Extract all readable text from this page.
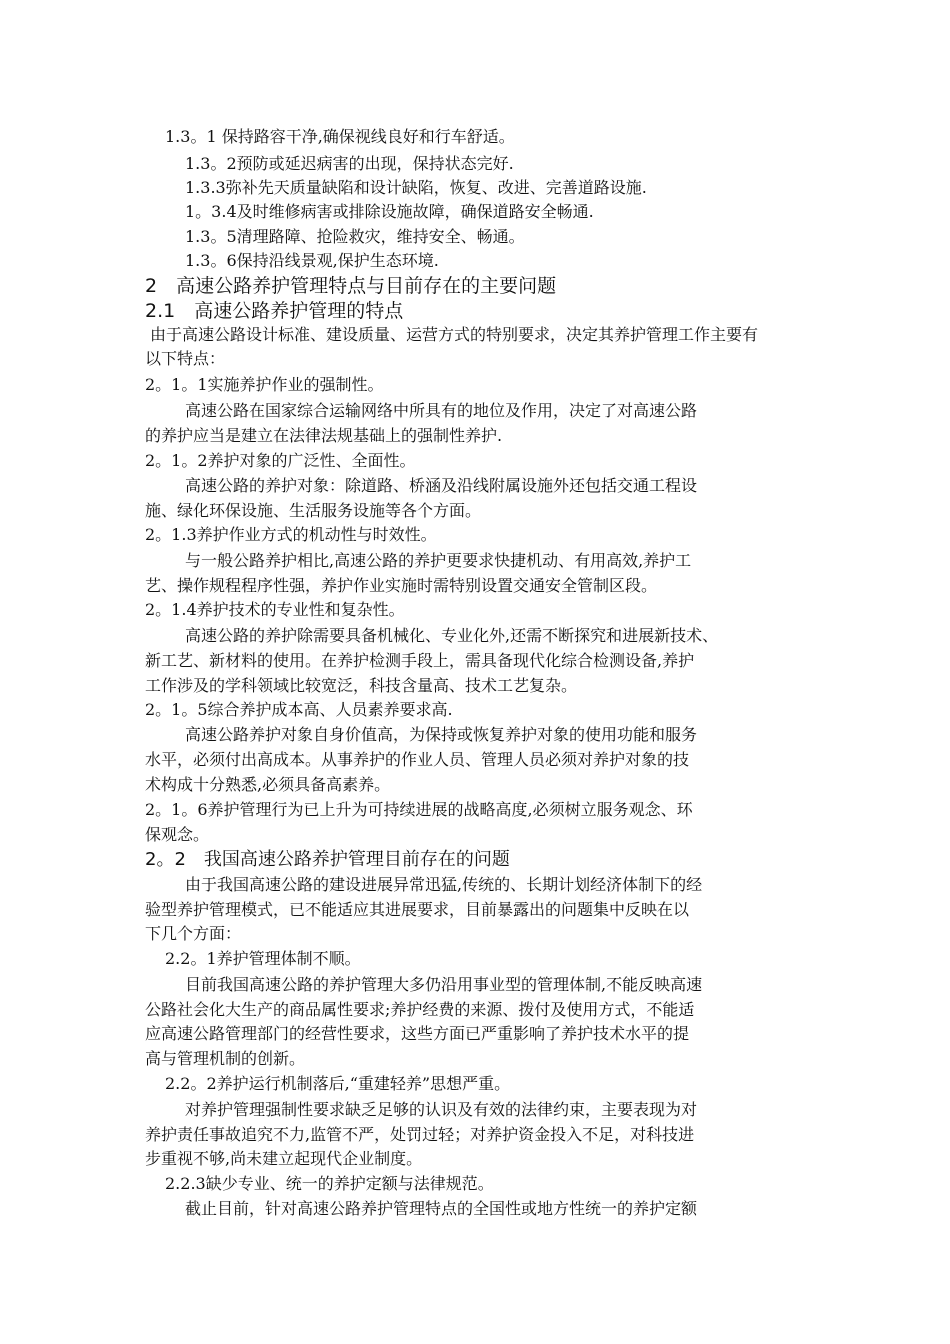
1.3。1 保持路容干净,确保视线良好和行车舒适。
1.3。2预防或延迟病害的出现，保持状态完好.
1.3.3弥补先天质量缺陷和设计缺陷，恢复、改进、完善道路设施.
1。3.4及时维修病害或排除设施故障，确保道路安全畅通.
1.3。5清理路障、抢险救灾，维持安全、畅通。
1.3。6保持沿线景观,保护生态环境.
2　高速公路养护管理特点与目前存在的主要问题
2.1　高速公路养护管理的特点
由于高速公路设计标准、建设质量、运营方式的特别要求，决定其养护管理工作主要有
以下特点：
2。1。1实施养护作业的强制性。
高速公路在国家综合运输网络中所具有的地位及作用，决定了对高速公路
的养护应当是建立在法律法规基础上的强制性养护.
2。1。2养护对象的广泛性、全面性。
高速公路的养护对象：除道路、桥涵及沿线附属设施外还包括交通工程设
施、绿化环保设施、生活服务设施等各个方面。
2。1.3养护作业方式的机动性与时效性。
与一般公路养护相比,高速公路的养护更要求快捷机动、有用高效,养护工
艺、操作规程程序性强，养护作业实施时需特别设置交通安全管制区段。
2。1.4养护技术的专业性和复杂性。
高速公路的养护除需要具备机械化、专业化外,还需不断探究和进展新技术、
新工艺、新材料的使用。在养护检测手段上，需具备现代化综合检测设备,养护
工作涉及的学科领域比较宽泛，科技含量高、技术工艺复杂。
2。1。5综合养护成本高、人员素养要求高.
高速公路养护对象自身价值高，为保持或恢复养护对象的使用功能和服务
水平，必须付出高成本。从事养护的作业人员、管理人员必须对养护对象的技
术构成十分熟悉,必须具备高素养。
2。1。6养护管理行为已上升为可持续进展的战略高度,必须树立服务观念、环
保观念。
2。2　我国高速公路养护管理目前存在的问题
由于我国高速公路的建设进展异常迅猛,传统的、长期计划经济体制下的经
验型养护管理模式，已不能适应其进展要求，目前暴露出的问题集中反映在以
下几个方面：
2.2。1养护管理体制不顺。
目前我国高速公路的养护管理大多仍沿用事业型的管理体制,不能反映高速
公路社会化大生产的商品属性要求;养护经费的来源、拨付及使用方式，不能适
应高速公路管理部门的经营性要求，这些方面已严重影响了养护技术水平的提
高与管理机制的创新。
2.2。2养护运行机制落后,“重建轻养”思想严重。
对养护管理强制性要求缺乏足够的认识及有效的法律约束，主要表现为对
养护责任事故追究不力,监管不严，处罚过轻；对养护资金投入不足，对科技进
步重视不够,尚未建立起现代企业制度。
2.2.3缺少专业、统一的养护定额与法律规范。
截止目前，针对高速公路养护管理特点的全国性或地方性统一的养护定额
